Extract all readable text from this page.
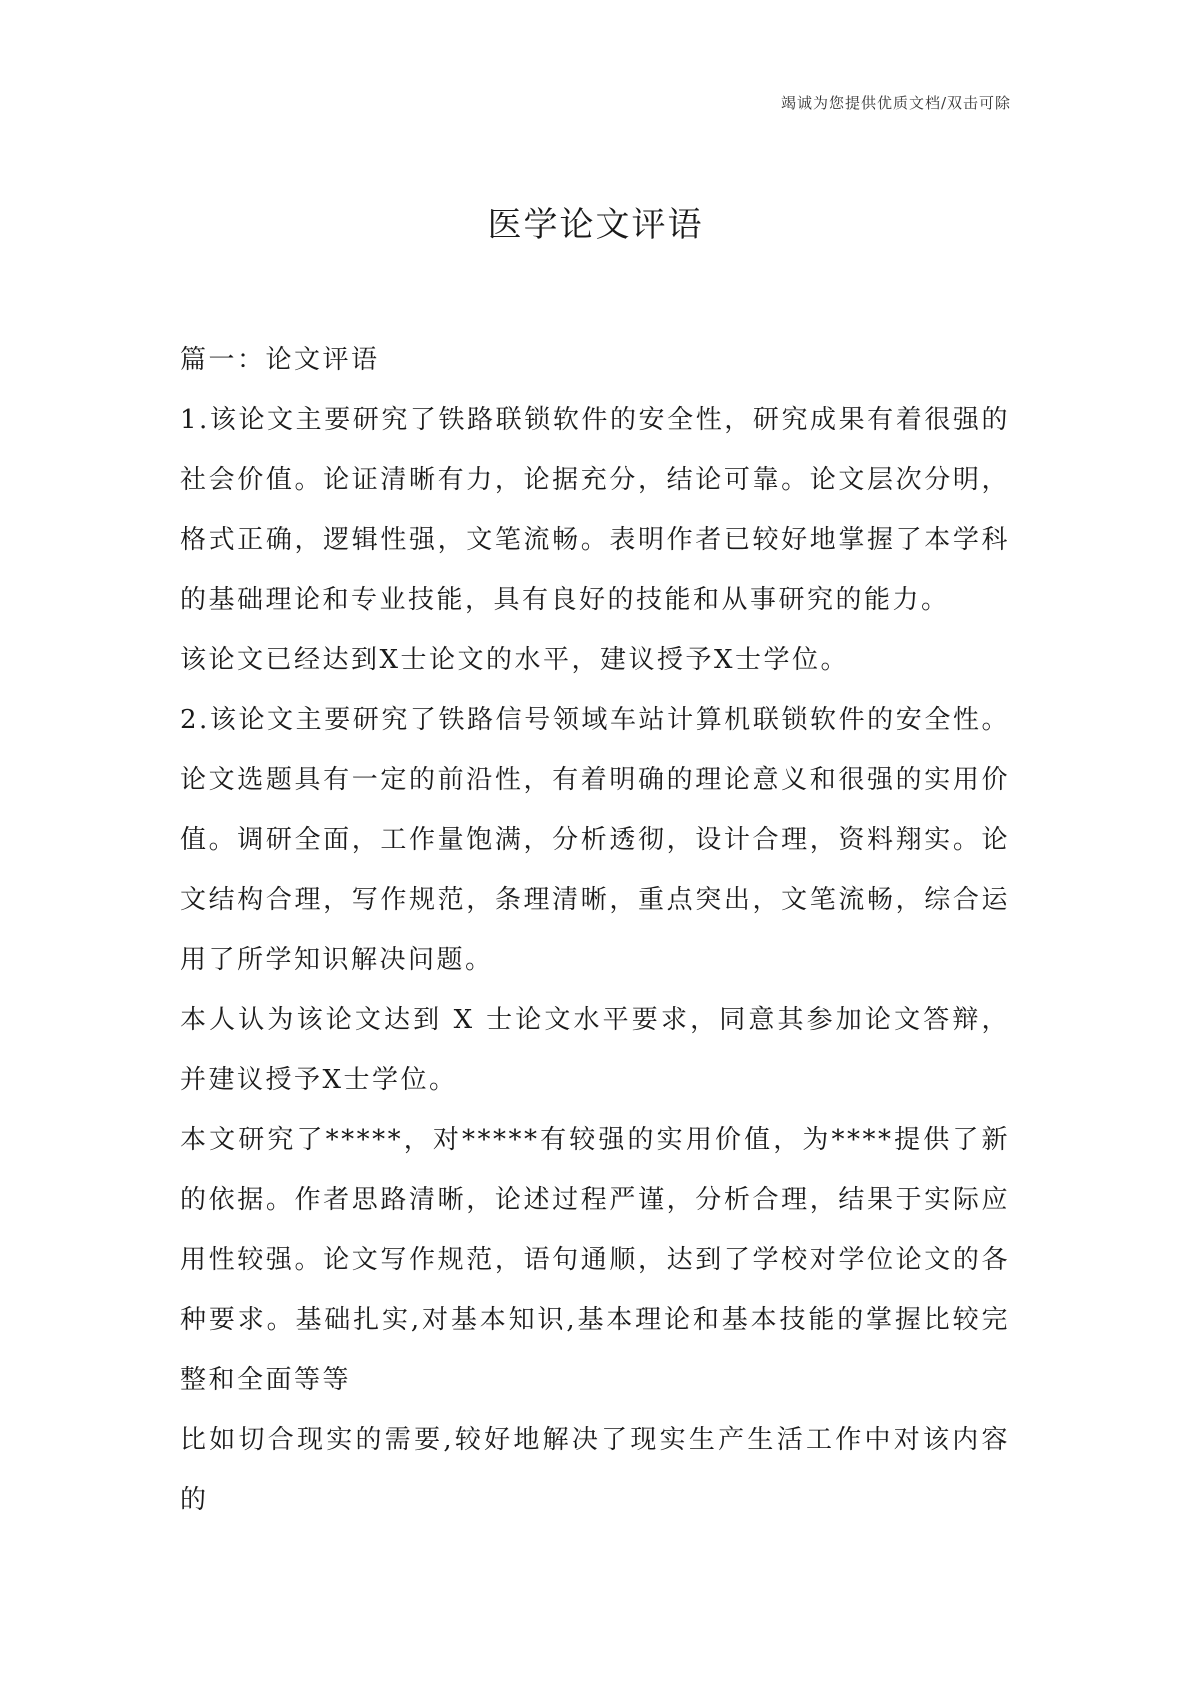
竭诚为您提供优质文档/双击可除
医学论文评语
篇一：论文评语

1.该论文主要研究了铁路联锁软件的安全性，研究成果有着很强的社会价值。论证清晰有力，论据充分，结论可靠。论文层次分明，格式正确，逻辑性强，文笔流畅。表明作者已较好地掌握了本学科的基础理论和专业技能，具有良好的技能和从事研究的能力。

该论文已经达到X士论文的水平，建议授予X士学位。

2.该论文主要研究了铁路信号领域车站计算机联锁软件的安全性。论文选题具有一定的前沿性，有着明确的理论意义和很强的实用价值。调研全面，工作量饱满，分析透彻，设计合理，资料翔实。论文结构合理，写作规范，条理清晰，重点突出，文笔流畅，综合运用了所学知识解决问题。

本人认为该论文达到 X 士论文水平要求，同意其参加论文答辩，并建议授予X士学位。

本文研究了*****，对*****有较强的实用价值，为****提供了新的依据。作者思路清晰，论述过程严谨，分析合理，结果于实际应用性较强。论文写作规范，语句通顺，达到了学校对学位论文的各种要求。基础扎实,对基本知识,基本理论和基本技能的掌握比较完整和全面等等

比如切合现实的需要,较好地解决了现实生产生活工作中对该内容的
